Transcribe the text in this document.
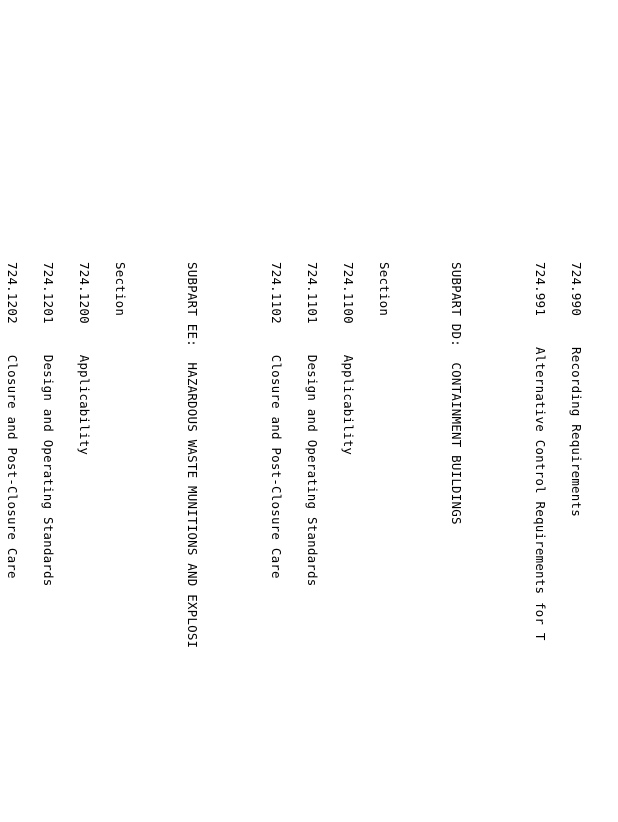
724.990    Recording Requirements

724.991    Alternative Control Requirements for T

SUBPART DD:  CONTAINMENT BUILDINGS

Section

724.1100    Applicability

724.1101    Design and Operating Standards

724.1102    Closure and Post-Closure Care

SUBPART EE:  HAZARDOUS WASTE MUNITIONS AND EXPLOSI

Section

724.1200    Applicability

724.1201    Design and Operating Standards

724.1202    Closure and Post-Closure Care
